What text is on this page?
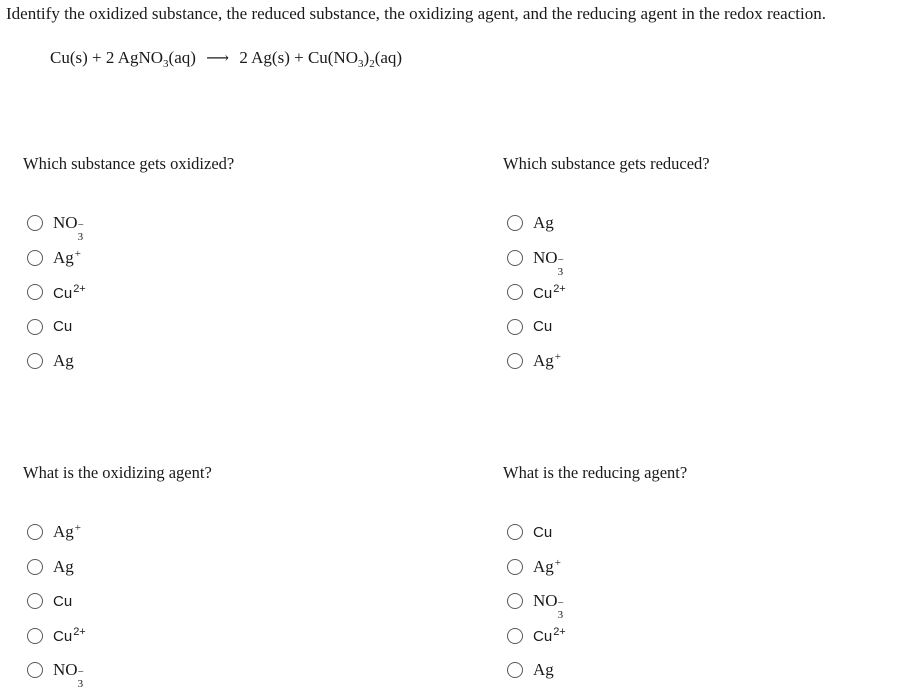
Identify the oxidized substance, the reduced substance, the oxidizing agent, and the reducing agent in the redox reaction.
Cu(s) + 2 AgNO$_3$(aq) ⟶ 2 $Ag(s) + Cu(NO_3)_2(aq)$
Which substance gets oxidized?
NO −
3
Ag+
$Cu^{2+}$
Cu
Ag
Which substance gets reduced?
Ag
NO −
3
$Cu^{2+}$
Cu
Ag+
What is the oxidizing agent?
Ag+
Ag
Cu
$Cu^{2+}$
NO −
3
What is the reducing agent?
Cu
Ag+
NO −
3
$Cu^{2+}$
Ag
